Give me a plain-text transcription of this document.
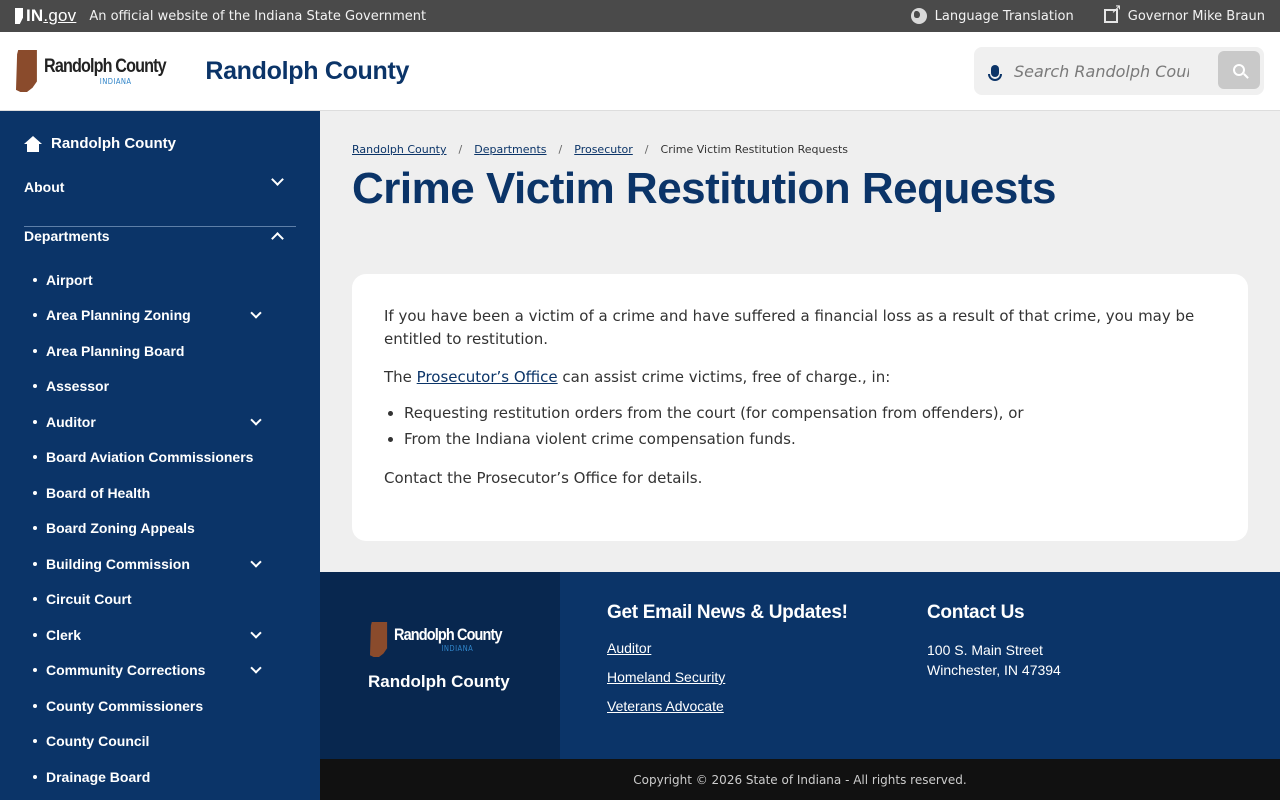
IN .gov An official website of the Indiana State Government	Language Translation
↗	Governor Mike Braun
Randolph County
INDIANA	Randolph County
Search Randolph Coun
Randolph County
About
Departments
Airport
Area Planning Zoning
Area Planning Board
Assessor
Auditor
Board Aviation Commissioners
Board of Health
Board Zoning Appeals
Building Commission
Circuit Court
Clerk
Community Corrections
County Commissioners
County Council
Drainage Board
Randolph County / Departments / Prosecutor / Crime Victim Restitution Requests
Crime Victim Restitution Requests

If you have been a victim of a crime and have suffered a financial loss as a result of that crime, you may be entitled to restitution.

The Prosecutor’s Office can assist crime victims, free of charge., in:

• Requesting restitution orders from the court (for compensation from offenders), or
• From the Indiana violent crime compensation funds.

Contact the Prosecutor’s Office for details.

Randolph County
INDIANA
Randolph County
Get Email News & Updates!
Auditor
Homeland Security
Veterans Advocate
Contact Us

100 S. Main Street

Winchester, IN 47394

Copyright © 2026 State of Indiana - All rights reserved.
